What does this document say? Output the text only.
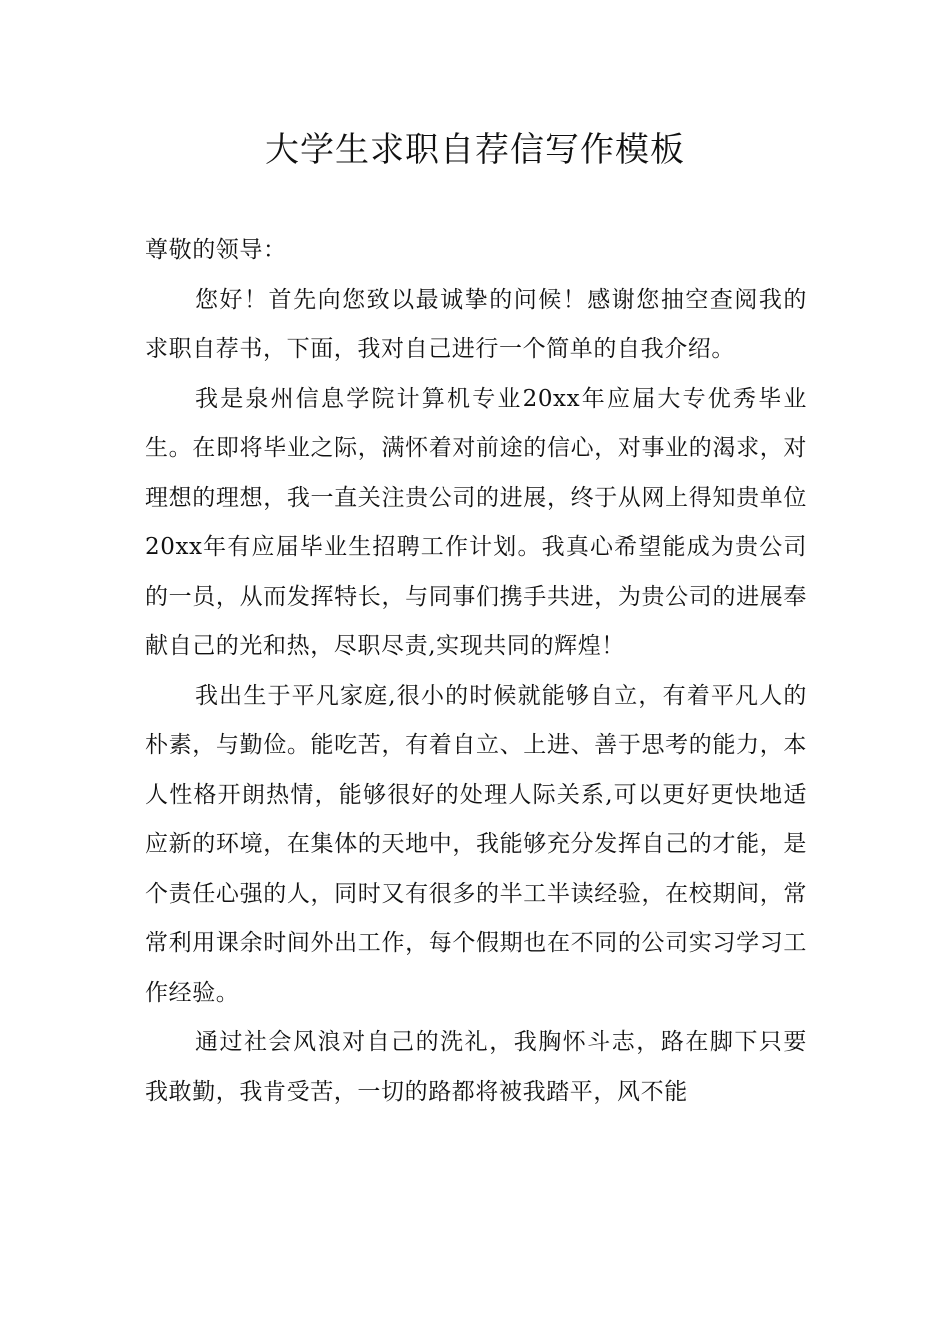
大学生求职自荐信写作模板

尊敬的领导：

您好！首先向您致以最诚挚的问候！感谢您抽空查阅我的求职自荐书，下面，我对自己进行一个简单的自我介绍。

我是泉州信息学院计算机专业20xx年应届大专优秀毕业生。在即将毕业之际，满怀着对前途的信心，对事业的渴求，对理想的理想，我一直关注贵公司的进展，终于从网上得知贵单位20xx年有应届毕业生招聘工作计划。我真心希望能成为贵公司的一员，从而发挥特长，与同事们携手共进，为贵公司的进展奉献自己的光和热，尽职尽责,实现共同的辉煌！

我出生于平凡家庭,很小的时候就能够自立，有着平凡人的朴素，与勤俭。能吃苦，有着自立、上进、善于思考的能力，本人性格开朗热情，能够很好的处理人际关系,可以更好更快地适应新的环境，在集体的天地中，我能够充分发挥自己的才能，是个责任心强的人，同时又有很多的半工半读经验，在校期间，常常利用课余时间外出工作，每个假期也在不同的公司实习学习工作经验。

通过社会风浪对自己的洗礼，我胸怀斗志，路在脚下只要我敢勤，我肯受苦，一切的路都将被我踏平，风不能
